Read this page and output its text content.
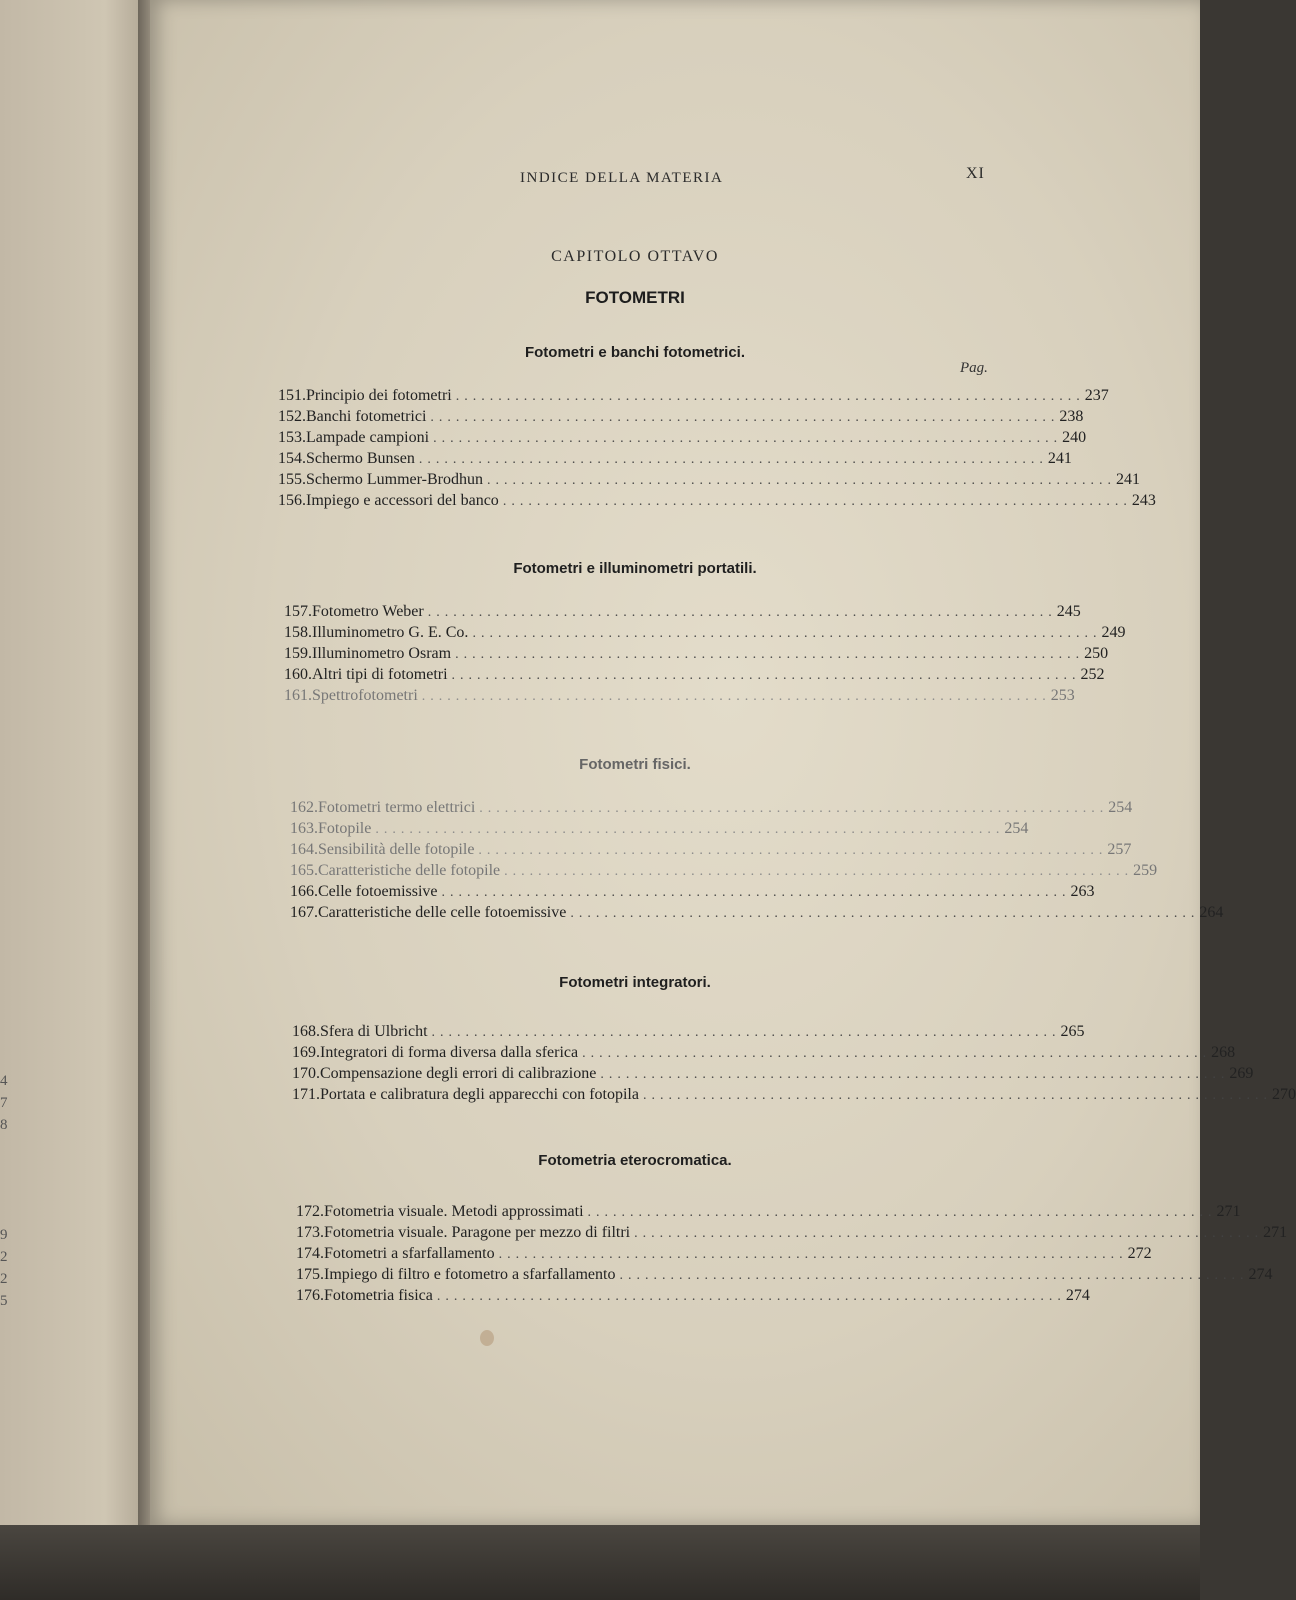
4
7
8
9
2
2
5
INDICE DELLA MATERIA	XI
CAPITOLO OTTAVO
FOTOMETRI
Pag.
Fotometri e banchi fotometrici.
151. Principio dei fotometri .......................................................................... 237
152. Banchi fotometrici .......................................................................... 238
153. Lampade campioni .......................................................................... 240
154. Schermo Bunsen .......................................................................... 241
155. Schermo Lummer-Brodhun .......................................................................... 241
156. Impiego e accessori del banco .......................................................................... 243
Fotometri e illuminometri portatili.
157. Fotometro Weber .......................................................................... 245
158. Illuminometro G. E. Co. .......................................................................... 249
159. Illuminometro Osram .......................................................................... 250
160. Altri tipi di fotometri .......................................................................... 252
161. Spettrofotometri .......................................................................... 253
Fotometri fisici.
162. Fotometri termo elettrici .......................................................................... 254
163. Fotopile .......................................................................... 254
164. Sensibilità delle fotopile .......................................................................... 257
165. Caratteristiche delle fotopile .......................................................................... 259
166. Celle fotoemissive .......................................................................... 263
167. Caratteristiche delle celle fotoemissive .......................................................................... 264
Fotometri integratori.
168. Sfera di Ulbricht .......................................................................... 265
169. Integratori di forma diversa dalla sferica .......................................................................... 268
170. Compensazione degli errori di calibrazione .......................................................................... 269
171. Portata e calibratura degli apparecchi con fotopila .......................................................................... 270
Fotometria eterocromatica.
172. Fotometria visuale. Metodi approssimati .......................................................................... 271
173. Fotometria visuale. Paragone per mezzo di filtri .......................................................................... 271
174. Fotometri a sfarfallamento .......................................................................... 272
175. Impiego di filtro e fotometro a sfarfallamento .......................................................................... 274
176. Fotometria fisica .......................................................................... 274
